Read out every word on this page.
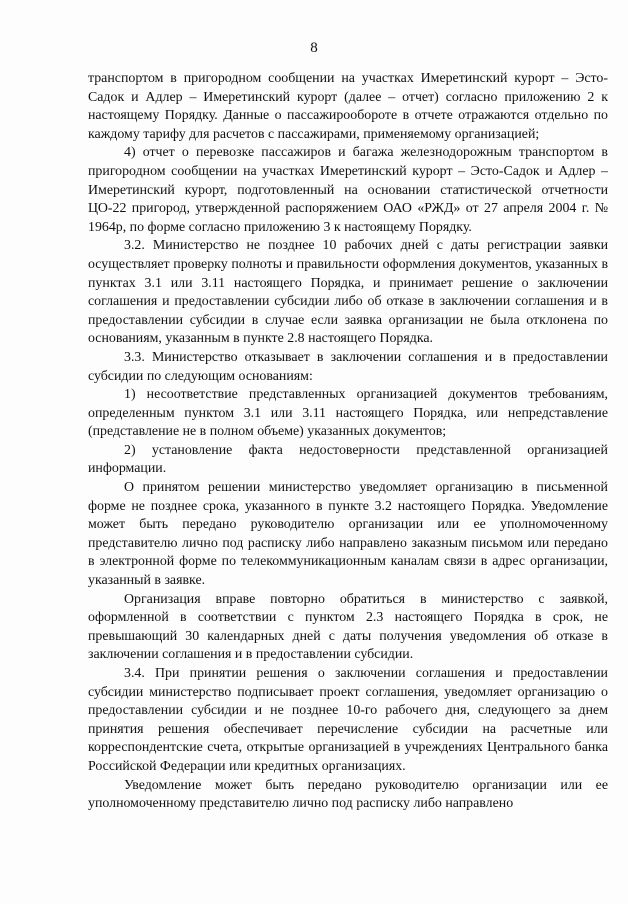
8

транспортом в пригородном сообщении на участках Имеретинский курорт – Эсто-Садок и Адлер – Имеретинский курорт (далее – отчет) согласно приложению 2 к настоящему Порядку. Данные о пассажирообороте в отчете отражаются отдельно по каждому тарифу для расчетов с пассажирами, применяемому организацией;

4) отчет о перевозке пассажиров и багажа железнодорожным транспортом в пригородном сообщении на участках Имеретинский курорт – Эсто-Садок и Адлер – Имеретинский курорт, подготовленный на основании статистической отчетности ЦО-22 пригород, утвержденной распоряжением ОАО «РЖД» от 27 апреля 2004 г. № 1964р, по форме согласно приложению 3 к настоящему Порядку.

3.2. Министерство не позднее 10 рабочих дней с даты регистрации заявки осуществляет проверку полноты и правильности оформления документов, указанных в пунктах 3.1 или 3.11 настоящего Порядка, и принимает решение о заключении соглашения и предоставлении субсидии либо об отказе в заключении соглашения и в предоставлении субсидии в случае если заявка организации не была отклонена по основаниям, указанным в пункте 2.8 настоящего Порядка.

3.3. Министерство отказывает в заключении соглашения и в предоставлении субсидии по следующим основаниям:

1) несоответствие представленных организацией документов требованиям, определенным пунктом 3.1 или 3.11 настоящего Порядка, или непредставление (представление не в полном объеме) указанных документов;

2) установление факта недостоверности представленной организацией информации.

О принятом решении министерство уведомляет организацию в письменной форме не позднее срока, указанного в пункте 3.2 настоящего Порядка. Уведомление может быть передано руководителю организации или ее уполномоченному представителю лично под расписку либо направлено заказным письмом или передано в электронной форме по телекоммуникационным каналам связи в адрес организации, указанный в заявке.

Организация вправе повторно обратиться в министерство с заявкой, оформленной в соответствии с пунктом 2.3 настоящего Порядка в срок, не превышающий 30 календарных дней с даты получения уведомления об отказе в заключении соглашения и в предоставлении субсидии.

3.4. При принятии решения о заключении соглашения и предоставлении субсидии министерство подписывает проект соглашения, уведомляет организацию о предоставлении субсидии и не позднее 10-го рабочего дня, следующего за днем принятия решения обеспечивает перечисление субсидии на расчетные или корреспондентские счета, открытые организацией в учреждениях Центрального банка Российской Федерации или кредитных организациях.

Уведомление может быть передано руководителю организации или ее уполномоченному представителю лично под расписку либо направлено
